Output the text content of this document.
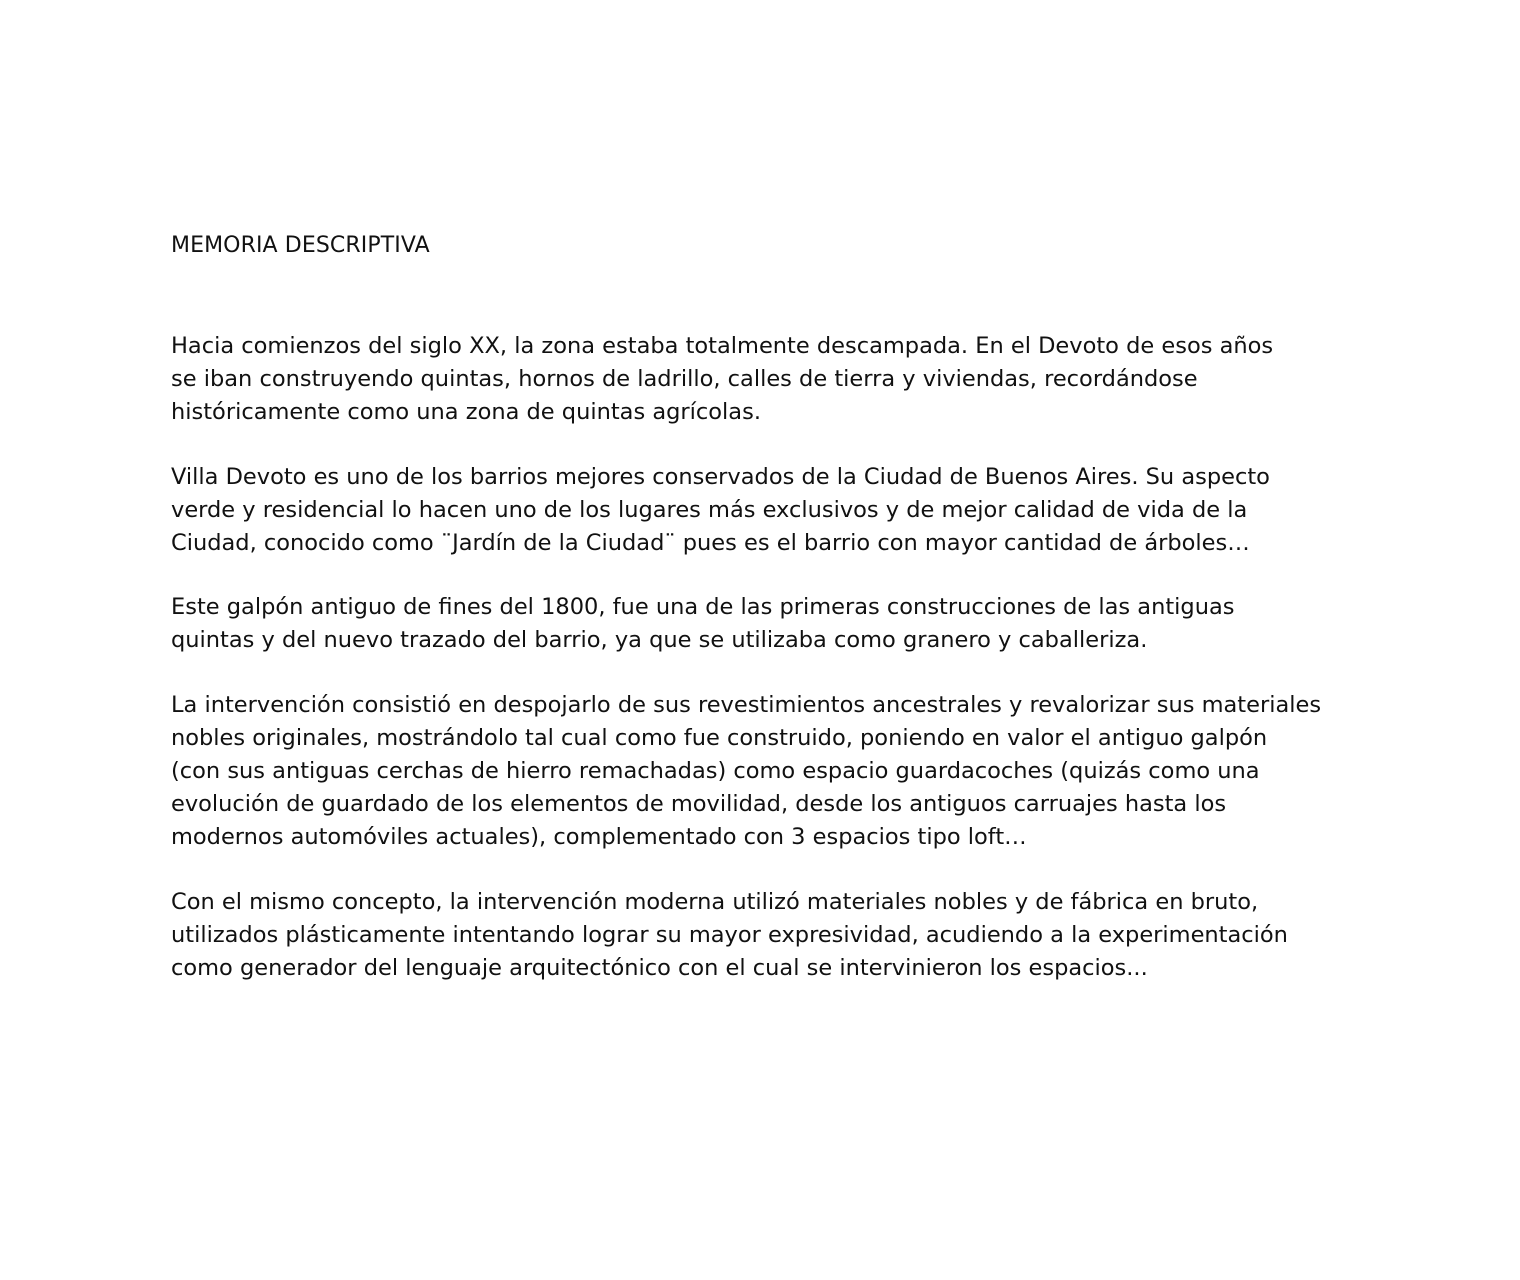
MEMORIA DESCRIPTIVA

Hacia comienzos del siglo XX, la zona estaba totalmente descampada. En el Devoto de esos años
se iban construyendo quintas, hornos de ladrillo, calles de tierra y viviendas, recordándose
históricamente como una zona de quintas agrícolas.

Villa Devoto es uno de los barrios mejores conservados de la Ciudad de Buenos Aires. Su aspecto
verde y residencial lo hacen uno de los lugares más exclusivos y de mejor calidad de vida de la
Ciudad, conocido como ¨Jardín de la Ciudad¨ pues es el barrio con mayor cantidad de árboles…

Este galpón antiguo de fines del 1800, fue una de las primeras construcciones de las antiguas
quintas y del nuevo trazado del barrio, ya que se utilizaba como granero y caballeriza.

La intervención consistió en despojarlo de sus revestimientos ancestrales y revalorizar sus materiales
nobles originales, mostrándolo tal cual como fue construido, poniendo en valor el antiguo galpón
(con sus antiguas cerchas de hierro remachadas) como espacio guardacoches (quizás como una
evolución de guardado de los elementos de movilidad, desde los antiguos carruajes hasta los
modernos automóviles actuales), complementado con 3 espacios tipo loft…

Con el mismo concepto, la intervención moderna utilizó materiales nobles y de fábrica en bruto,
utilizados plásticamente intentando lograr su mayor expresividad, acudiendo a la experimentación
como generador del lenguaje arquitectónico con el cual se intervinieron los espacios...
